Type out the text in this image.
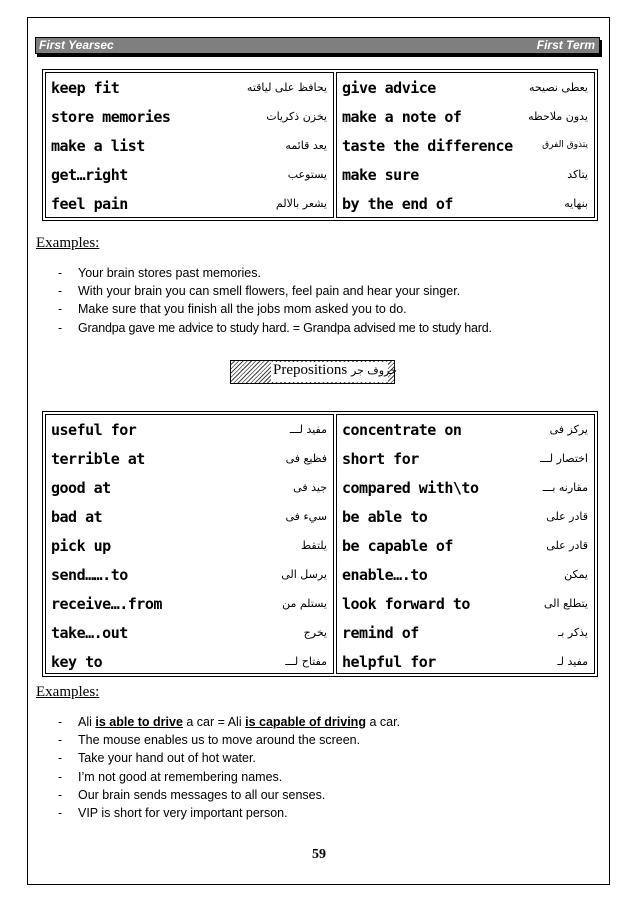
First Yearsec	First Term
keep fit	يحافظ على لياقته
store memories	يخزن ذكريات
make a list	يعد قائمه
get…right	يستوعب
feel pain	يشعر بالالم
give advice	يعطى نصيحه
make a note of	يدون ملاحظه
taste the difference	يتذوق الفرق
make sure	يتاكد
by the end of	بنهايه
Examples:
- Your brain stores past memories.
- With your brain you can smell flowers, feel pain and hear your singer.
- Make sure that you finish all the jobs mom asked you to do.
- Grandpa gave me advice to study hard. = Grandpa advised me to study hard.
Prepositions حروف جر
useful for	مفيد لـــ
terrible at	فظيع فى
good at	جيد فى
bad at	سيء فى
pick up	يلتقط
send…….to	يرسل الى
receive….from	يستلم من
take….out	يخرج
key to	مفتاح لـــ
concentrate on	يركز فى
short for	اختصار لـــ
compared with\to	مقارنه بـــ
be able to	قادر على
be capable of	قادر على
enable….to	يمكن
look forward to	يتطلع الى
remind of	يذكر بـ
helpful for	مفيد لـ
Examples:
- Ali is able to drive a car = Ali is capable of driving a car.
- The mouse enables us to move around the screen.
- Take your hand out of hot water.
- I’m not good at remembering names.
- Our brain sends messages to all our senses.
- VIP is short for very important person.
59
